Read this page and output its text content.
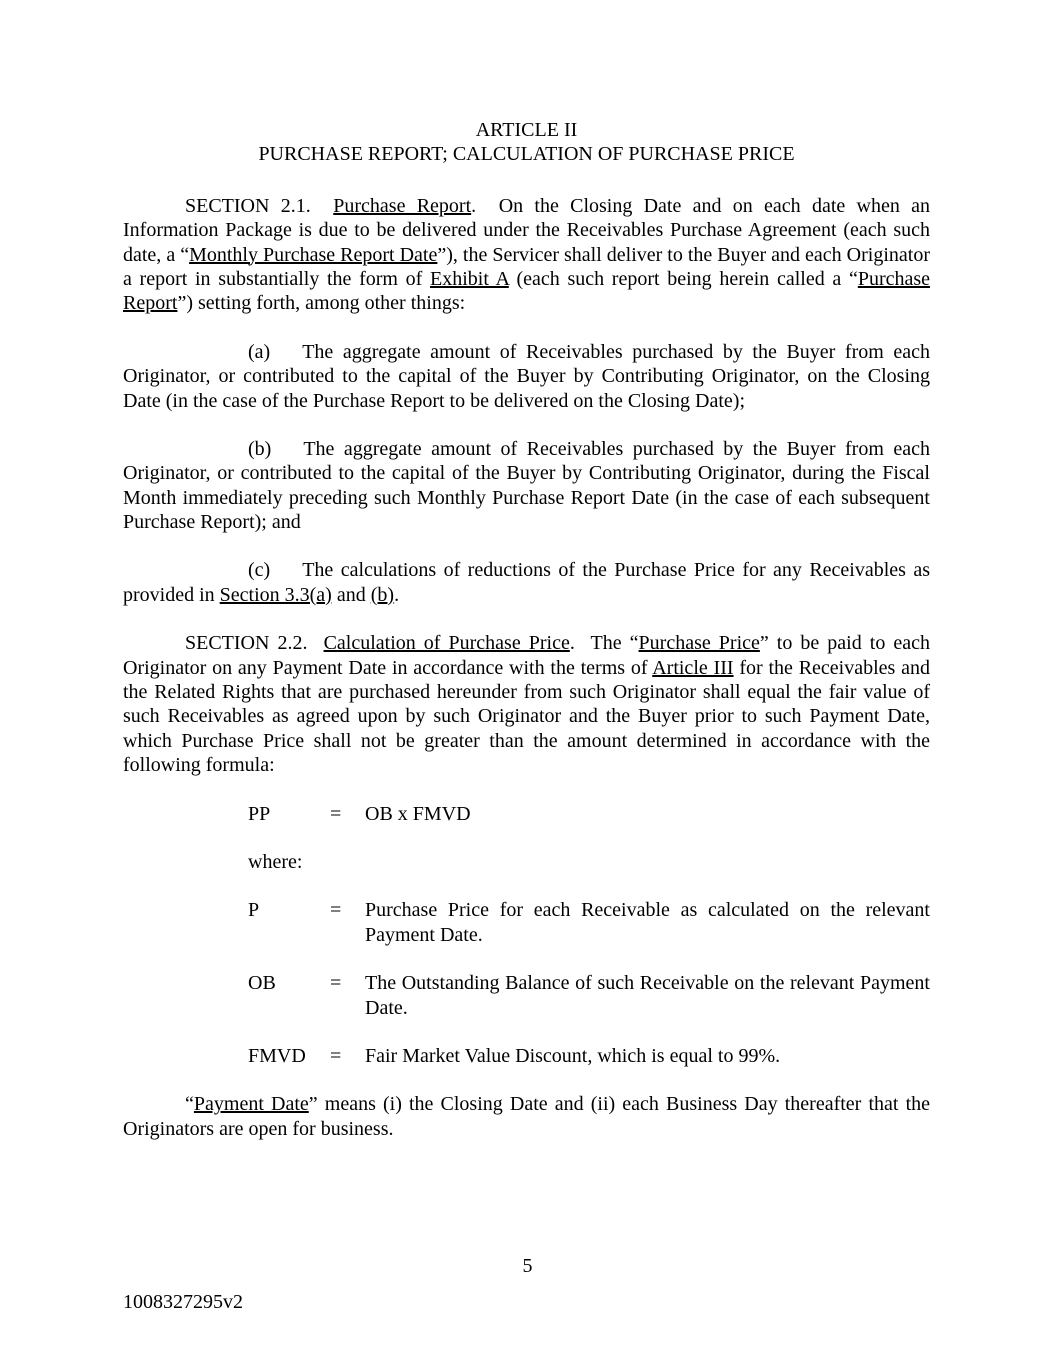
ARTICLE II
PURCHASE REPORT; CALCULATION OF PURCHASE PRICE

SECTION 2.1.  Purchase Report.  On the Closing Date and on each date when an Information Package is due to be delivered under the Receivables Purchase Agreement (each such date, a “Monthly Purchase Report Date”), the Servicer shall deliver to the Buyer and each Originator a report in substantially the form of Exhibit A (each such report being herein called a “Purchase Report”) setting forth, among other things:

(a) The aggregate amount of Receivables purchased by the Buyer from each Originator, or contributed to the capital of the Buyer by Contributing Originator, on the Closing Date (in the case of the Purchase Report to be delivered on the Closing Date);

(b) The aggregate amount of Receivables purchased by the Buyer from each Originator, or contributed to the capital of the Buyer by Contributing Originator, during the Fiscal Month immediately preceding such Monthly Purchase Report Date (in the case of each subsequent Purchase Report); and

(c) The calculations of reductions of the Purchase Price for any Receivables as provided in Section 3.3(a) and (b).

SECTION 2.2.  Calculation of Purchase Price.  The “Purchase Price” to be paid to each Originator on any Payment Date in accordance with the terms of Article III for the Receivables and the Related Rights that are purchased hereunder from such Originator shall equal the fair value of such Receivables as agreed upon by such Originator and the Buyer prior to such Payment Date, which Purchase Price shall not be greater than the amount determined in accordance with the following formula:

PP	=	OB x FMVD
where:
P	=	Purchase Price for each Receivable as calculated on the relevant Payment Date.
OB	=	The Outstanding Balance of such Receivable on the relevant Payment Date.
FMVD	=	Fair Market Value Discount, which is equal to 99%.

“Payment Date” means (i) the Closing Date and (ii) each Business Day thereafter that the Originators are open for business.

5
1008327295v2
